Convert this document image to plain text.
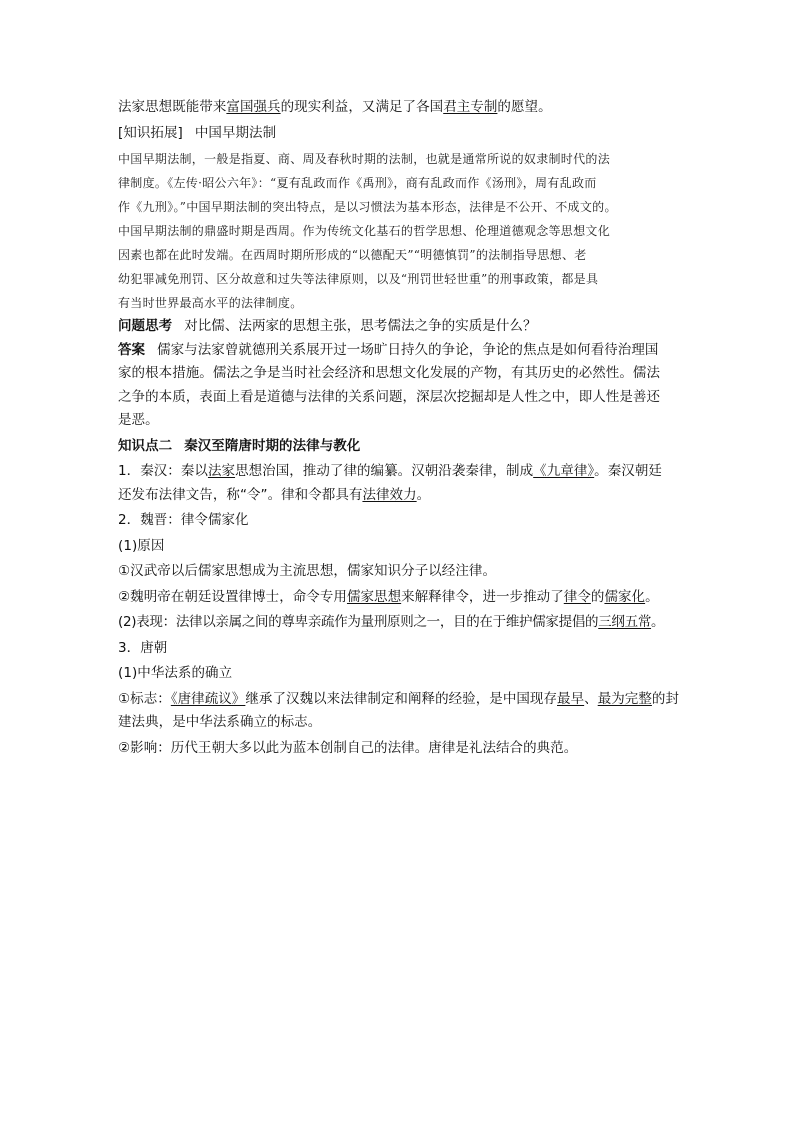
法家思想既能带来富国强兵的现实利益，又满足了各国君主专制的愿望。

[知识拓展] 中国早期法制

中国早期法制，一般是指夏、商、周及春秋时期的法制，也就是通常所说的奴隶制时代的法

律制度。《左传·昭公六年》：“夏有乱政而作《禹刑》，商有乱政而作《汤刑》，周有乱政而

作《九刑》。”中国早期法制的突出特点，是以习惯法为基本形态，法律是不公开、不成文的。

中国早期法制的鼎盛时期是西周。作为传统文化基石的哲学思想、伦理道德观念等思想文化

因素也都在此时发端。在西周时期所形成的“以德配天”“明德慎罚”的法制指导思想、老

幼犯罪减免刑罚、区分故意和过失等法律原则，以及“刑罚世轻世重”的刑事政策，都是具

有当时世界最高水平的法律制度。

问题思考 对比儒、法两家的思想主张，思考儒法之争的实质是什么？

答案 儒家与法家曾就德刑关系展开过一场旷日持久的争论，争论的焦点是如何看待治理国

家的根本措施。儒法之争是当时社会经济和思想文化发展的产物，有其历史的必然性。儒法

之争的本质，表面上看是道德与法律的关系问题，深层次挖掘却是人性之中，即人性是善还

是恶。

知识点二 秦汉至隋唐时期的法律与教化

1．秦汉：秦以法家思想治国，推动了律的编纂。汉朝沿袭秦律，制成《九章律》。秦汉朝廷

还发布法律文告，称“令”。律和令都具有法律效力。

2．魏晋：律令儒家化

(1)原因

①汉武帝以后儒家思想成为主流思想，儒家知识分子以经注律。

②魏明帝在朝廷设置律博士，命令专用儒家思想来解释律令，进一步推动了律令的儒家化。

(2)表现：法律以亲属之间的尊卑亲疏作为量刑原则之一，目的在于维护儒家提倡的三纲五常。

3．唐朝

(1)中华法系的确立

①标志：《唐律疏议》继承了汉魏以来法律制定和阐释的经验，是中国现存最早、最为完整的封建法典，是中华法系确立的标志。

②影响：历代王朝大多以此为蓝本创制自己的法律。唐律是礼法结合的典范。
